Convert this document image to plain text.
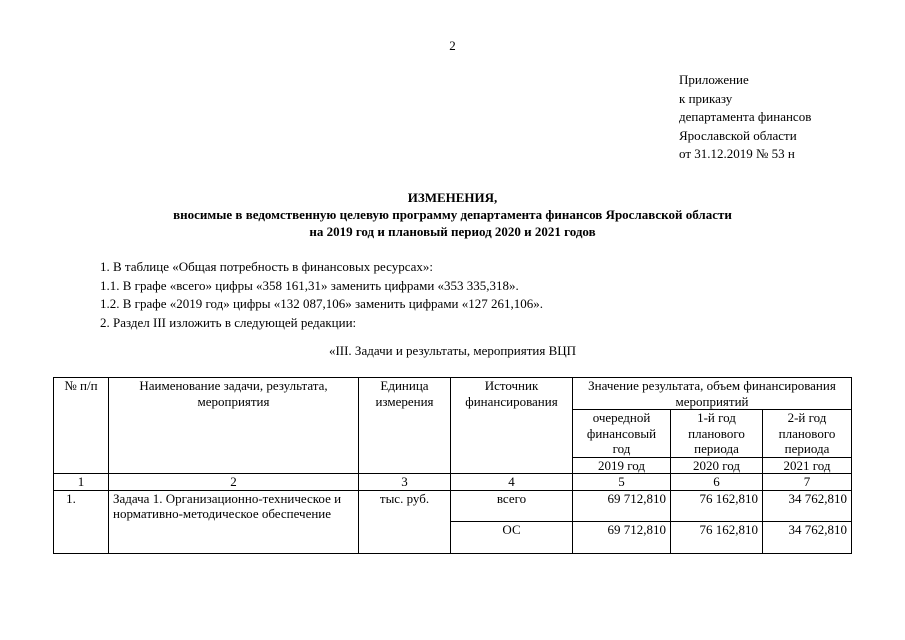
2
Приложение
к приказу
департамента финансов
Ярославской области
от 31.12.2019 № 53 н
ИЗМЕНЕНИЯ,
вносимые в ведомственную целевую программу департамента финансов Ярославской области
на 2019 год и плановый период 2020 и 2021 годов
1. В таблице «Общая потребность в финансовых ресурсах»:
1.1. В графе «всего» цифры «358 161,31» заменить цифрами «353 335,318».
1.2. В графе «2019 год» цифры «132 087,106» заменить цифрами «127 261,106».
2. Раздел III изложить в следующей редакции:
«III. Задачи и результаты, мероприятия ВЦП
№ п/п	Наименование задачи, результата, мероприятия	Единица измерения	Источник финансирования	Значение результата, объем финансирования мероприятий		
				очередной финансовый год	1-й год планового периода	2-й год планового периода
				2019 год	2020 год	2021 год
1	2	3	4	5	6	7
1.	Задача 1. Организационно-техническое и нормативно-методическое обеспечение	тыс. руб.	всего	69 712,810	76 162,810	34 762,810
			ОС	69 712,810	76 162,810	34 762,810
